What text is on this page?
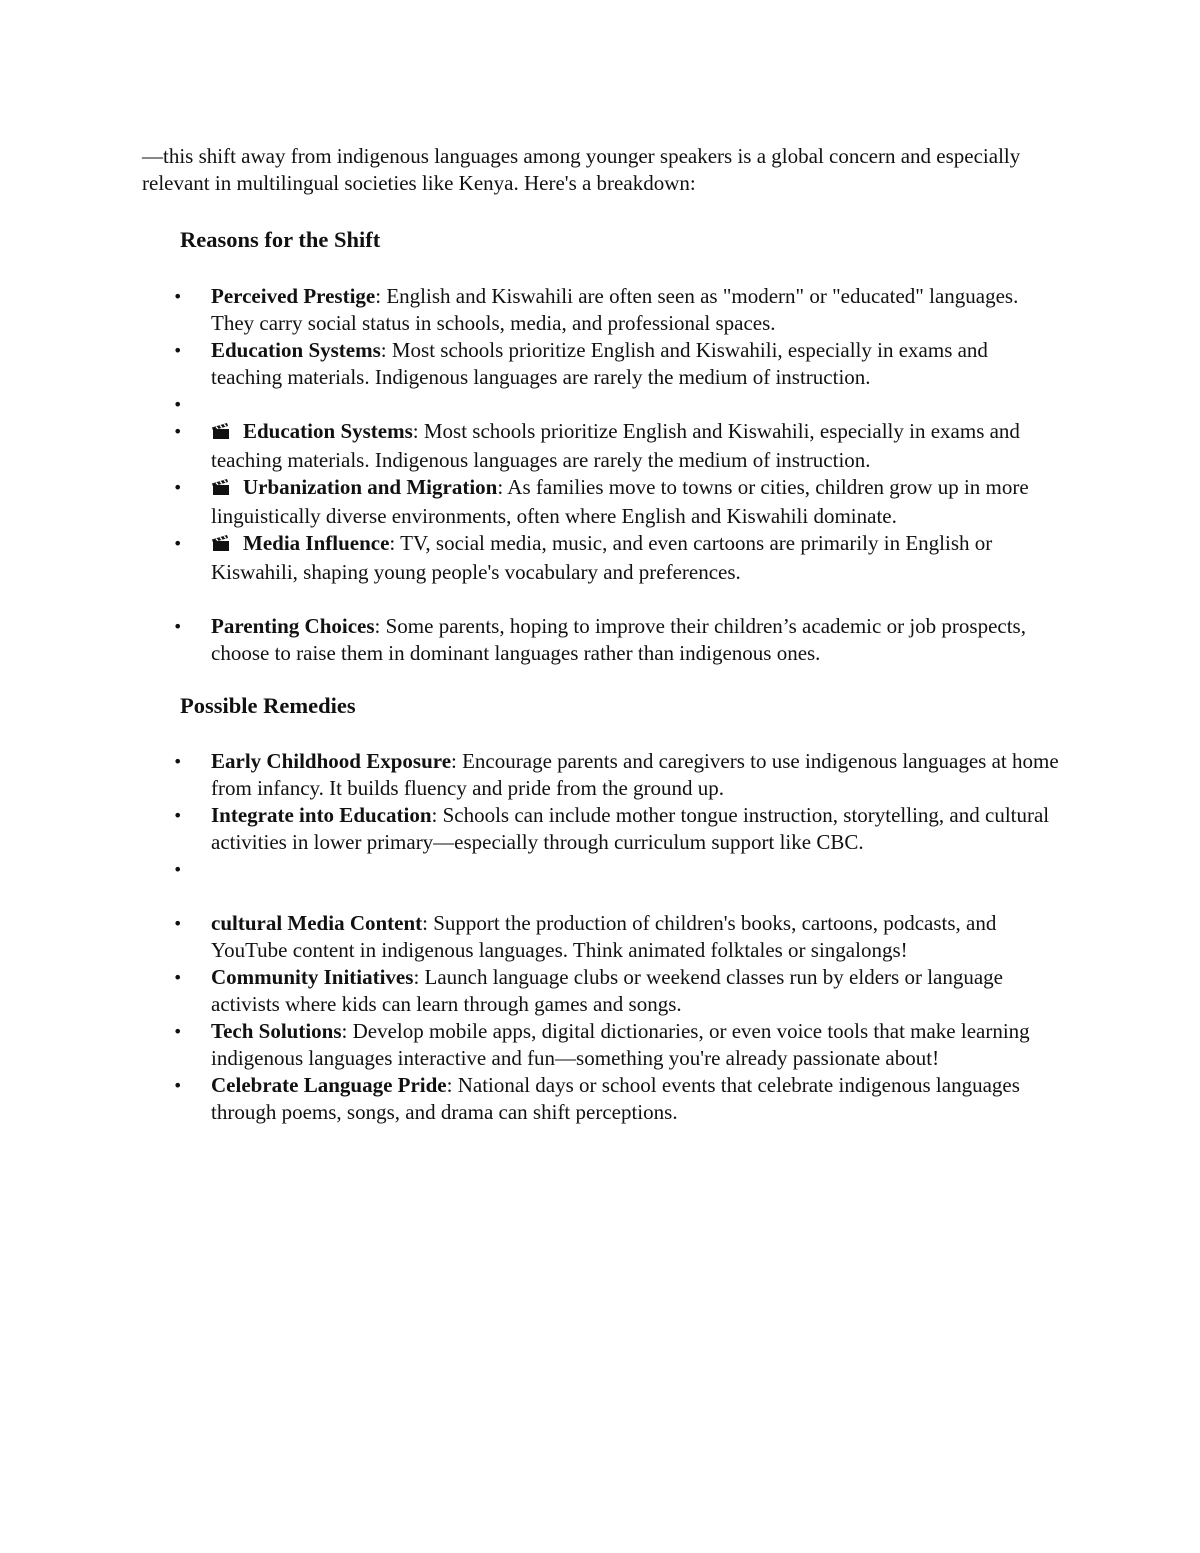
—this shift away from indigenous languages among younger speakers is a global concern and especially relevant in multilingual societies like Kenya. Here's a breakdown:

Reasons for the Shift
• Perceived Prestige: English and Kiswahili are often seen as "modern" or "educated" languages. They carry social status in schools, media, and professional spaces.
• Education Systems: Most schools prioritize English and Kiswahili, especially in exams and teaching materials. Indigenous languages are rarely the medium of instruction.
•
•	Education Systems: Most schools prioritize English and Kiswahili, especially in exams and teaching materials. Indigenous languages are rarely the medium of instruction.
•	Urbanization and Migration: As families move to towns or cities, children grow up in more linguistically diverse environments, often where English and Kiswahili dominate.
•	Media Influence: TV, social media, music, and even cartoons are primarily in English or Kiswahili, shaping young people's vocabulary and preferences.
• Parenting Choices: Some parents, hoping to improve their children’s academic or job prospects, choose to raise them in dominant languages rather than indigenous ones.
Possible Remedies
• Early Childhood Exposure: Encourage parents and caregivers to use indigenous languages at home from infancy. It builds fluency and pride from the ground up.
• Integrate into Education: Schools can include mother tongue instruction, storytelling, and cultural activities in lower primary—especially through curriculum support like CBC.
•
• cultural Media Content: Support the production of children's books, cartoons, podcasts, and YouTube content in indigenous languages. Think animated folktales or singalongs!
• Community Initiatives: Launch language clubs or weekend classes run by elders or language activists where kids can learn through games and songs.
• Tech Solutions: Develop mobile apps, digital dictionaries, or even voice tools that make learning indigenous languages interactive and fun—something you're already passionate about!
• Celebrate Language Pride: National days or school events that celebrate indigenous languages through poems, songs, and drama can shift perceptions.
